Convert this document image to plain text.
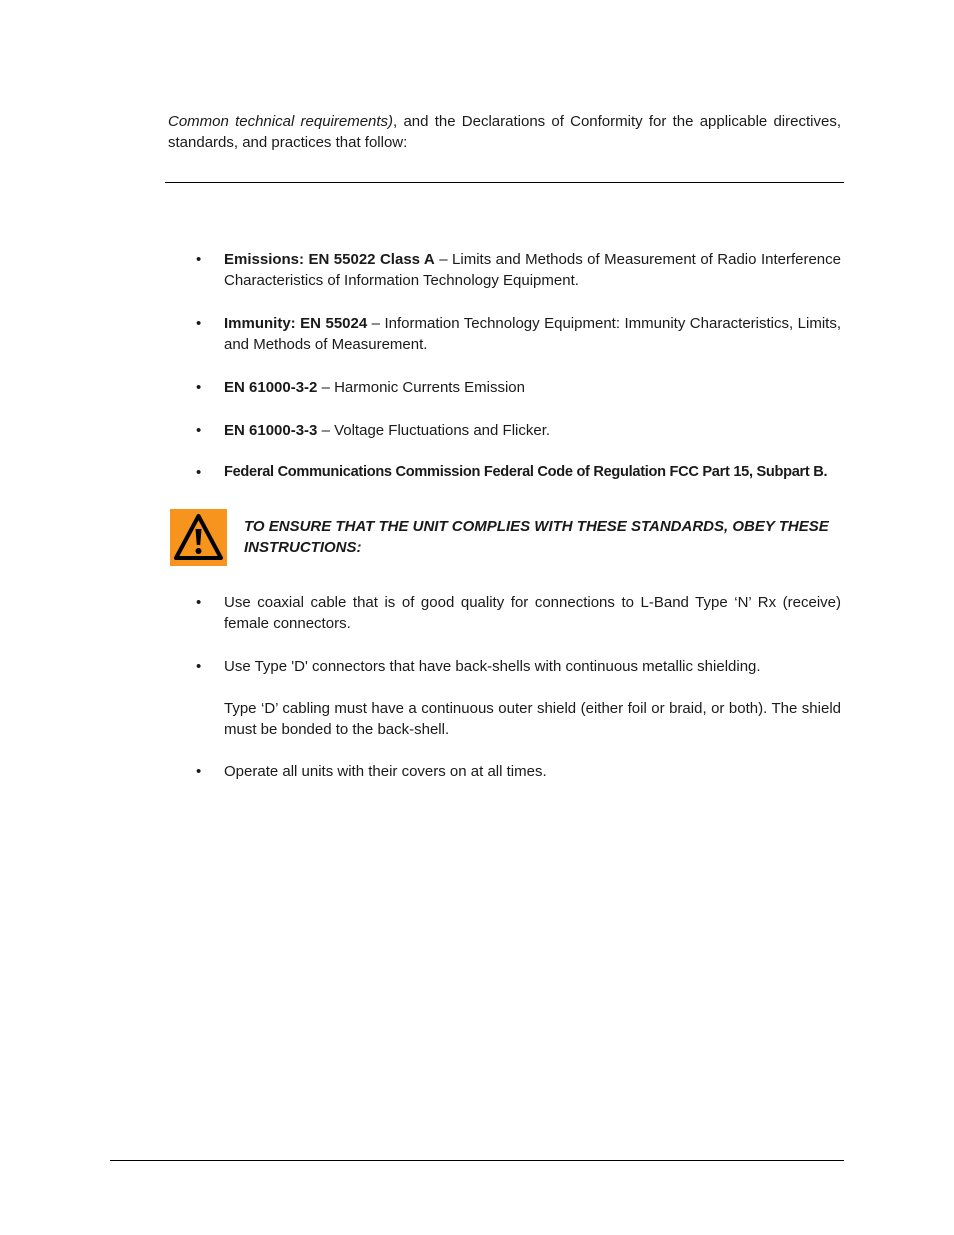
Common technical requirements), and the Declarations of Conformity for the applicable directives, standards, and practices that follow:

•	Emissions: EN 55022 Class A – Limits and Methods of Measurement of Radio Interference Characteristics of Information Technology Equipment.

•	Immunity: EN 55024 – Information Technology Equipment: Immunity Characteristics, Limits, and Methods of Measurement.

•	EN 61000-3-2 – Harmonic Currents Emission

•	EN 61000-3-3 – Voltage Fluctuations and Flicker.

•	Federal Communications Commission Federal Code of Regulation FCC Part 15, Subpart B.

TO ENSURE THAT THE UNIT COMPLIES WITH THESE STANDARDS, OBEY THESE INSTRUCTIONS:

•	Use coaxial cable that is of good quality for connections to L-Band Type ‘N’ Rx (receive) female connectors.

•	Use Type 'D' connectors that have back-shells with continuous metallic shielding.

Type ‘D’ cabling must have a continuous outer shield (either foil or braid, or both). The shield must be bonded to the back-shell.

•	Operate all units with their covers on at all times.
